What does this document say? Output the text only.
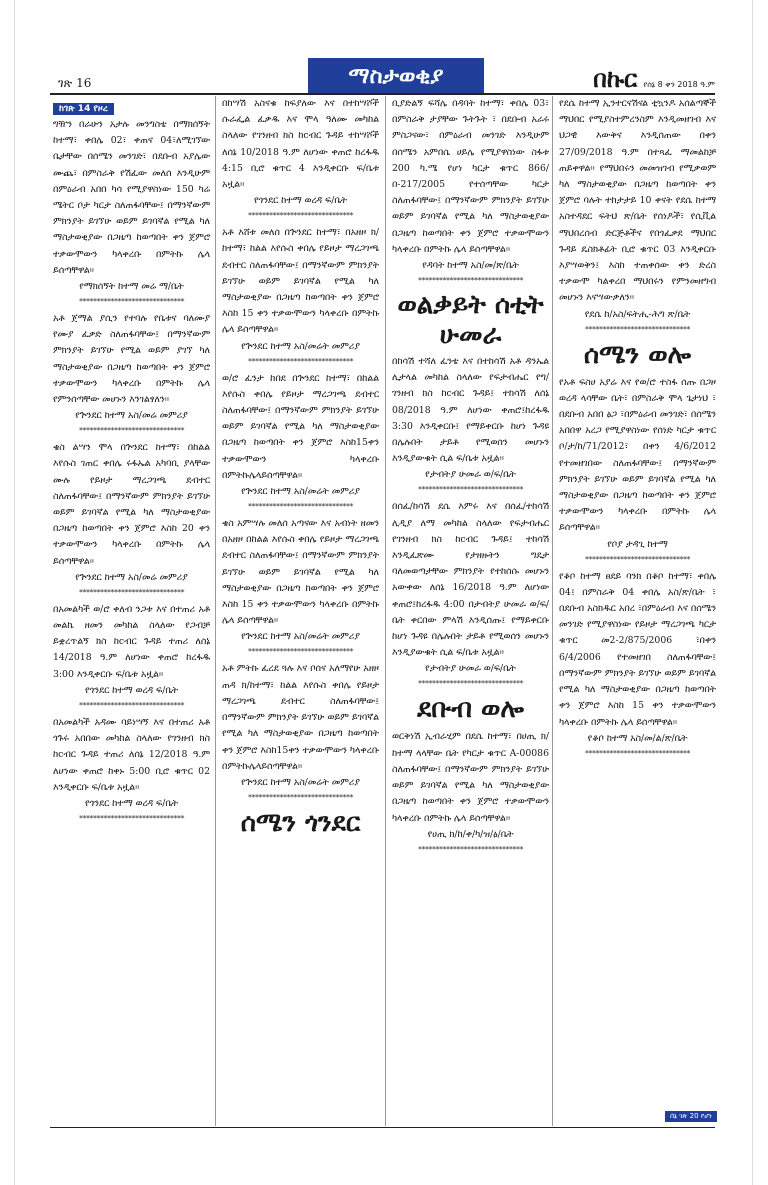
ገጽ 16	ማስታወቂያ	በኩር የሰኔ 8 ቀን 2018 ዓ.ም
ከገጽ 14 የዞረ
ግዥን በራሁን አታሉ መንግስቴ በማክሰኝት ከተማ፣ ቀበሌ 02፣ ቀጠና 04፣ለሚገኘው ቤታቸው በሰሜን መንገድ፣ በደቡብ አያሌው ሙጨ፣ በምስራቅ የሽፈው መለሰ እንዲሁም በምዕራብ አበበ ካሳ የሚያዋስነው 150 ካሬ ሜትር ቦታ ካርታ ስለጠፋባቸው፤ በማንኛውም ምክንያት ይገኘሁ ወይም ይገባኛል የሚል ካለ ማስታወቂያው በጋዜጣ ከወጣበት ቀን ጀምሮ ተቃውሞውን ካላቀረቡ በምትኩ ሌላ ይሰጣቸዋል፡፡
የማክሰኝት ከተማ መሬ ማ/ቤት
******************************
አቶ ጀማል ያሲን የተባሉ የቤቱና ባለሙያ የሙያ ፈቃድ ስለጠፋባቸው፤ በማንኛውም ምክንያት ይገኘሁ የሚል ወይም ያገኘ ካለ ማስታወቂያው በጋዜጣ ከወጣበት ቀን ጀምሮ ተቃውሞውን ካላቀረቡ በምትኩ ሌላ የምንሰጣቸው መሆኑን እንገልፃለን፡፡
የጕንደር ከተማ አስ/መሬ መምሪያ
******************************
ቄስ ልሣን ሞላ በጕንደር ከተማ፣ በከልል እየሱስ ገጠር ቀበሌ ሩፋኤል አካባቢ ያላቸው ሙሉ የይዞታ ማረጋገጫ ደብተር ስለጠፋባቸው፤ በማንኛውም ምክንያት ይገኘሁ ወይም ይገባኛል የሚል ካለ ማስታወቂያው በጋዜጣ ከወጣበት ቀን ጀምሮ እስከ 20 ቀን ተቃውሞውን ካላቀረቡ በምትኩ ሌላ ይሰጣቸዋል፡፡
የጕንደር ከተማ አስ/መሬ መምሪያ
******************************
በአመልካች ወ/ሮ ቀለብ ንጋቱ እና በተጠሪ አቶ መልኬ ዘመን መካከል ስላለው የጋብቻ ይቋረጥልኝ ክስ ከcብር ጉዳይ ተጠሪ ለሰኔ 14/2018 ዓ.ም ለሆነው ቀጠሮ ከረፋዱ 3:00 እንዲቀርቡ ፍ/ቤቱ አዟል፡፡
የጎንደር ከተማ ወረዳ ፍ/ቤት
******************************
በአመልካች አዳሙ ባይነሣኝ እና በተጠሪ አቶ ጎጉሩ አበበው መካከል ስላለው የገንዘብ ክስ ከcብር ጉዳይ ተጠሪ ለሰኔ 12/2018 ዓ.ም ለሆነው ቀጠሮ ከቀኑ 5:00 ቢሮ ቁጥር 02 እንዲቀርቡ ፍ/ቤቱ አዟል፡፡
የጎንደር ከተማ ወረዳ ፍ/ቤት
******************************
በከሣሽ አስናቁ ከፍያለው እና በተከሣሾች ሱራፌል ፈቃዱ እና ሞላ ዓለሙ መካከል ስላለው የገንዘብ ክስ ከcብር ጉዳይ ተከሣሾች ለሰኔ 10/2018 ዓ.ም ለሆነው ቀጠሮ ከረፋዱ 4:15 ቢሮ ቁጥር 4 እንዲቀርቡ ፍ/ቤቱ አዟል፡፡
የጎንደር ከተማ ወረዳ ፍ/ቤት
******************************
አቶ እሸቱ መለሰ በጕንደር ከተማ፣ በአዘዞ ክ/ከተማ፣ ከልል እየሱስ ቀበሌ የይዞታ ማረጋገጫ ደብተር ስለጠፋባቸው፤ በማንኛውም ምክንያት ይገኘሁ ወይም ይገባኛል የሚል ካለ ማስታወቂያው በጋዜጣ ከወጣበት ቀን ጀምሮ እስከ 15 ቀን ተቃውሞውን ካላቀረቡ በምትኩ ሌላ ይሰጣቸዋል፡፡
የጕንደር ከተማ አስ/መሬት መምሪያ
******************************
ወ/ሮ ፈንታ ከበደ በጕንደር ከተማ፣ በከልል እየሱስ ቀበሌ የይዞታ ማረጋገጫ ደብተር ስለጠፋባቸው፤ በማንኛውም ምክንያት ይገኘሁ ወይም ይገባኛል የሚል ካለ ማስታወቂያው በጋዜጣ ከወጣበት ቀን ጀምሮ እስከ15ቀን ተቃውሞውን ካላቀረቡ በምትኩሌላይሰጣቸዋል፡፡
የጕንደር ከተማ አስ/መሬት መምሪያ
******************************
ቄስ አምሣሉ መለሰ አጣናው እና አብነት ዘመን በአዘዞ በከልል እየሱስ ቀበሌ የይዞታ ማረጋገጫ ደብተር ስለጠፋባቸው፤ በማንኛውም ምክንያት ይገኘሁ ወይም ይገባኛል የሚል ካለ ማስታወቂያው በጋዜጣ ከወጣበት ቀን ጀምሮ እስከ 15 ቀን ተቃውሞውን ካላቀረቡ በምትኩ ሌላ ይሰጣቸዋል፡፡
የጕንደር ከተማ አስ/መሬት መምሪያ
******************************
አቶ ምትኩ ፈረደ ጓሉ እና ቦሰና አለማየሁ አዘዞ ጠዳ ክ/ከተማ፣ ከልል እየሱስ ቀበሌ የይዞታ ማረጋገጫ ደብተር ስለጠፋባቸው፤ በማንኛውም ምክንያት ይገኘሁ ወይም ይገባኛል የሚል ካለ ማስታወቂያው በጋዜጣ ከወጣበት ቀን ጀምሮ እስከ15ቀን ተቃውሞውን ካላቀረቡ በምትኩሌላይሰጣቸዋል፡፡
የጕንደር ከተማ አስ/መሬት መምሪያ
******************************
ሰሜን ጎንደር
ቢያድልኝ ፍሻሌ በዳባት ከተማ፣ ቀበሌ 03፣ በምስራቅ ታያቸው ጉትጉት ፣ በደቡብ አራሩ ምስጋናው፣ በምዕራብ መንገድ እንዲሁም በሰሜን አምበሴ ሀይሌ የሚያዋስነው ስፋቱ 200 ካ.ሜ የሆነ ካርታ ቁጥር 866/በ-217/2005 የተሰጣቸው ካርታ ስለጠፋባቸው፤ በማንኛውም ምክንያት ይገኘሁ ወይም ይገባኛል የሚል ካለ ማስታወቂያው በጋዜጣ ከወጣበት ቀን ጀምሮ ተቃውሞውን ካላቀረቡ በምትኩ ሌላ ይሰጣቸዋል፡፡
የዳባት ከተማ አስ/መ/ጽ/ቤት
******************************
ወልቃይት ሰቲት
ሁመራ
በከሳሽ ተሻለ ፈንቴ እና በተከሳሽ አቶ ዳንኤል ሊታላል መካከል ስላለው የፍታብሔር የግ/ገንዘብ ክስ ከcብር ጉዳይ፤ ተከሳሽ ለሰኔ 08/2018 ዓ.ም ለሆነው ቀጠሮ፤ከረፋዱ 3:30 እንዲቀርቡ፤ የማይቀርቡ ከሆነ ጉዳዩ በሌሉበት ታይቶ የሚወሰን መሆኑን እንዲያውቁት ሲል ፍ/ቤቱ አዟል፡፡
የታብትያ ሁመራ ወ/ፍ/ቤት
******************************
በሰፈ/ከሳሽ ደሴ እምሩ እና በሰፈ/ተከሳሽ ሊዲያ ለማ መካከል ስላለው የፍታብሔር የገንዘብ ክስ ከcብር ጉዳይ፤ ተከሳሽ እንዲፈጽሙ የታዘዙትን ግዴታ ባለመወጣታቸው ምክንያት የተከሰሱ መሆኑን አውቀው ለሰኔ 16/2018 ዓ.ም ለሆነው ቀጠሮ፤ከረፋዱ 4:00 በታብትያ ሁመራ ወ/ፍ/ቤት ቀርበው ምላሽ እንዲሰጡ፤ የማይቀርቡ ከሆነ ጉዳዩ በሌሉበት ታይቶ የሚወሰን መሆኑን እንዲያውቁት ሲል ፍ/ቤቱ አዟል፡፡
የታብትያ ሁመራ ወ/ፍ/ቤት
******************************
ደቡብ ወሎ
ወርቅነሽ ኢብራሂም በደሴ ከተማ፣ በሀጢ ክ/ከተማ ላላቸው ቤት የካርታ ቁጥር A-00086 ስለጠፋባቸው፤ በማንኛውም ምክንያት ይገኘሁ ወይም ይገባኛል የሚል ካለ ማስታወቂያው በጋዜጣ ከወጣበት ቀን ጀምሮ ተቃውሞውን ካላቀረቡ በምትኩ ሌላ ይሰጣቸዋል፡፡
የሀጢ ክ/ከ/ቀ/ካ/ዝ/ፅ/ቤት
******************************
የደሴ ከተማ ኢንተርናሽናል ቲኳንዶ አሰልጣኞች ማህበር የሚያስተምረንስም እንዲመዘገብ እና ህጋዊ እውቅና እንዲሰጠው በቀን 27/09/2018 ዓ.ም በተጻፈ ማመልከቻ ጠይቀዋል፡፡ የማህበሩን መመዝገብ የሚቃወም ካለ ማስታወቂያው በጋዜጣ ከወጣበት ቀን ጀምሮ ባሉት ተከታታይ 10 ቀናት የደሴ ከተማ አስተዳደር ፍትህ ጽ/ቤት የሰነዶች፣ የሲቪል ማህበረሰብ ድርጅቶችና የበጎፈቃደ ማህበር ጉዳይ ዴስክቶፊት ቢሮ ቁጥር 03 እንዲቀርቡ እያሣወቅን፤ እስከ ተጠቀሰው ቀን ድረስ ተቃውሞ ካልቀረበ ማህበሩን የምንመዘግብ መሆኑን እናሣውቃለን፡፡
የደሴ ከ/አስ/ፍትሒ-ሕግ ጽ/ቤት
******************************
ሰሜን ወሎ
የአቶ ፍስሀ አያሬ እና የወ/ሮ ተስፋ ሰጡ በጋዞ ወረዳ ላሳቸው ቤት፣ በምስራቅ ሞላ ጌታነህ ፣ በደቡብ አበበ ፅጋ ፣በምዕራብ መንገድ፣ በሰሜን አበበዋ አረጋ የሚያዋስነው የሰነድ ካርታ ቁጥር ቦ/ታ/ከ/71/2012፣ በቀን 4/6/2012 የተመዘገበው ስለጠፋባቸው፤ በማንኛውም ምክንያት ይገኘሁ ወይም ይገባኛል የሚል ካለ ማስታወቂያው በጋዜጣ ከወጣበት ቀን ጀምሮ ተቃውሞውን ካላቀረቡ በምትኩ ሌላ ይሰጣቸዋል፡፡
የቦያ ታዳጊ ከተማ
******************************
የቆቦ ከተማ ፀደይ ባንክ በቆቦ ከተማ፣ ቀበሌ 04፤ በምስራቅ 04 ቀበሌ አስ/ጽ/ቤት ፣ በደቡብ አስክዱር አበረ ፣በምዕራብ እና በሰሜን መንገድ የሚያዋስነው የይዞታ ማረጋገጫ ካርታ ቁጥር መ2-2/875/2006 ፣በቀን 6/4/2006 የተመዘገበ ስለጠፋባቸው፤ በማንኛውም ምክንያት ይገኘሁ ወይም ይገባኛል የሚል ካለ ማስታወቂያው በጋዜጣ ከወጣበት ቀን ጀምሮ እስከ 15 ቀን ተቃውሞውን ካላቀረቡ በምትኩ ሌላ ይሰጣቸዋል፡፡
የቆቦ ከተማ አስ/መ/ል/ጽ/ቤት
******************************
ሰኔ ገጽ 20 የሆነ
